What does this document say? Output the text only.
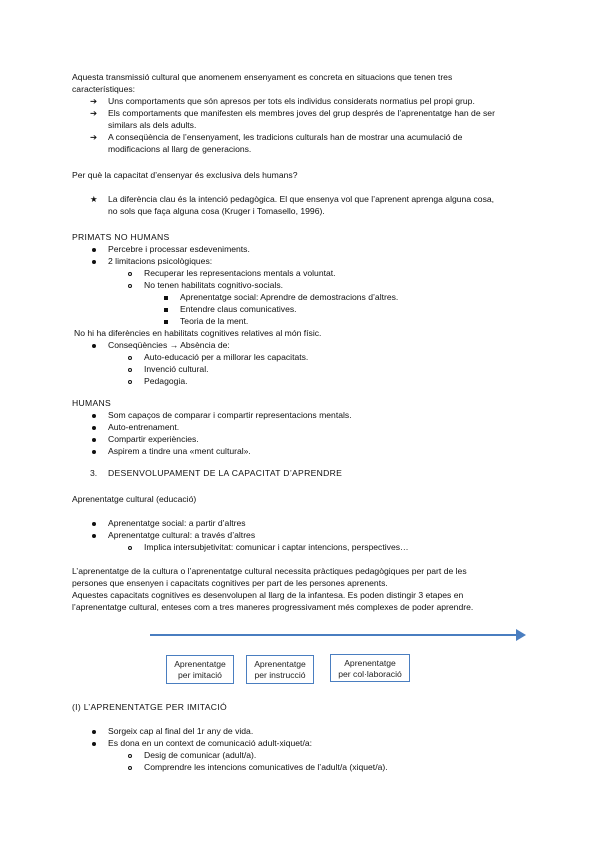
Aquesta transmissió cultural que anomenem ensenyament es concreta en situacions que tenen tres
característiques:
➔	Uns comportaments que són apresos per tots els individus considerats normatius pel propi grup.
➔	Els comportaments que manifesten els membres joves del grup després de l’aprenentatge han de ser
similars als dels adults.
➔	A conseqüència de l’ensenyament, les tradicions culturals han de mostrar una acumulació de
modificacions al llarg de generacions.
Per què la capacitat d’ensenyar és exclusiva dels humans?
★	La diferència clau és la intenció pedagògica. El que ensenya vol que l’aprenent aprenga alguna cosa,
no sols que faça alguna cosa (Kruger i Tomasello, 1996).
PRIMATS NO HUMANS
Percebre i processar esdeveniments.
2 limitacions psicològiques:
Recuperar les representacions mentals a voluntat.
No tenen habilitats cognitivo-socials.
Aprenentatge social: Aprendre de demostracions d’altres.
Entendre claus comunicatives.
Teoria de la ment.
No hi ha diferències en habilitats cognitives relatives al món físic.
Conseqüències → Absència de:
Auto-educació per a millorar les capacitats.
Invenció cultural.
Pedagogia.
HUMANS
Som capaços de comparar i compartir representacions mentals.
Auto-entrenament.
Compartir experiències.
Aspirem a tindre una «ment cultural».
3. DESENVOLUPAMENT DE LA CAPACITAT D’APRENDRE
Aprenentatge cultural (educació)
Aprenentatge social: a partir d’altres
Aprenentatge cultural: a través d’altres
Implica intersubjetivitat: comunicar i captar intencions, perspectives…
L’aprenentatge de la cultura o l’aprenentatge cultural necessita pràctiques pedagògiques per part de les
persones que ensenyen i capacitats cognitives per part de les persones aprenents.
Aquestes capacitats cognitives es desenvolupen al llarg de la infantesa. Es poden distingir 3 etapes en
l’aprenentatge cultural, enteses com a tres maneres progressivament més complexes de poder aprendre.
Aprenentatge
per imitació
Aprenentatge
per instrucció
Aprenentatge
per col·laboració
(I) L’APRENENTATGE PER IMITACIÓ
Sorgeix cap al final del 1r any de vida.
Es dona en un context de comunicació adult-xiquet/a:
Desig de comunicar (adult/a).
Comprendre les intencions comunicatives de l’adult/a (xiquet/a).
